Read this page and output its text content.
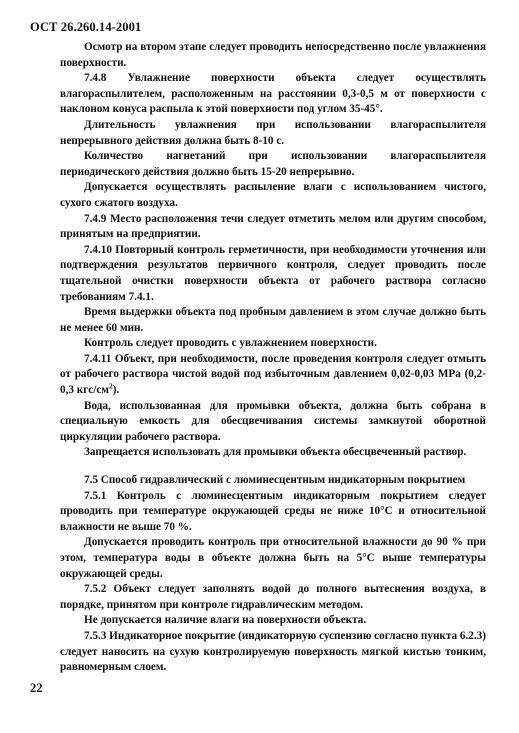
ОСТ 26.260.14-2001

Осмотр на втором этапе следует проводить непосредственно после увлажнения поверхности.

7.4.8 Увлажнение поверхности объекта следует осуществлять влагораспылителем, расположенным на расстоянии 0,3-0,5 м от поверхности с наклоном конуса распыла к этой поверхности под углом 35-45°.

Длительность увлажнения при использовании влагораспылителя непрерывного действия должна быть 8-10 с.

Количество нагнетаний при использовании влагораспылителя периодического действия должно быть 15-20 непрерывно.

Допускается осуществлять распыление влаги с использованием чистого, сухого сжатого воздуха.

7.4.9 Место расположения течи следует отметить мелом или другим способом, принятым на предприятии.

7.4.10 Повторный контроль герметичности, при необходимости уточнения или подтверждения результатов первичного контроля, следует проводить после тщательной очистки поверхности объекта от рабочего раствора согласно требованиям 7.4.1.

Время выдержки объекта под пробным давлением в этом случае должно быть не менее 60 мин.

Контроль следует проводить с увлажнением поверхности.

7.4.11 Объект, при необходимости, после проведения контроля следует отмыть от рабочего раствора чистой водой под избыточным давлением 0,02-0,03 MPa (0,2-0,3 кгс/$см^2$).

Вода, использованная для промывки объекта, должна быть собрана в специальную емкость для обесцвечивания системы замкнутой оборотной циркуляции рабочего раствора.

Запрещается использовать для промывки объекта обесцвеченный раствор.

7.5 Способ гидравлический с люминесцентным индикаторным покрытием

7.5.1 Контроль с люминесцентным индикаторным покрытием следует проводить при температуре окружающей среды не ниже 10°С и относительной влажности не выше 70 %.

Допускается проводить контроль при относительной влажности до 90 % при этом, температура воды в объекте должна быть на 5°С выше температуры окружающей среды.

7.5.2 Объект следует заполнять водой до полного вытеснения воздуха, в порядке, принятом при контроле гидравлическим методом.

Не допускается наличие влаги на поверхности объекта.

7.5.3 Индикаторное покрытие (индикаторную суспензию согласно пункта 6.2.3) следует наносить на сухую контролируемую поверхность мягкой кистью тонким, равномерным слоем.

22
